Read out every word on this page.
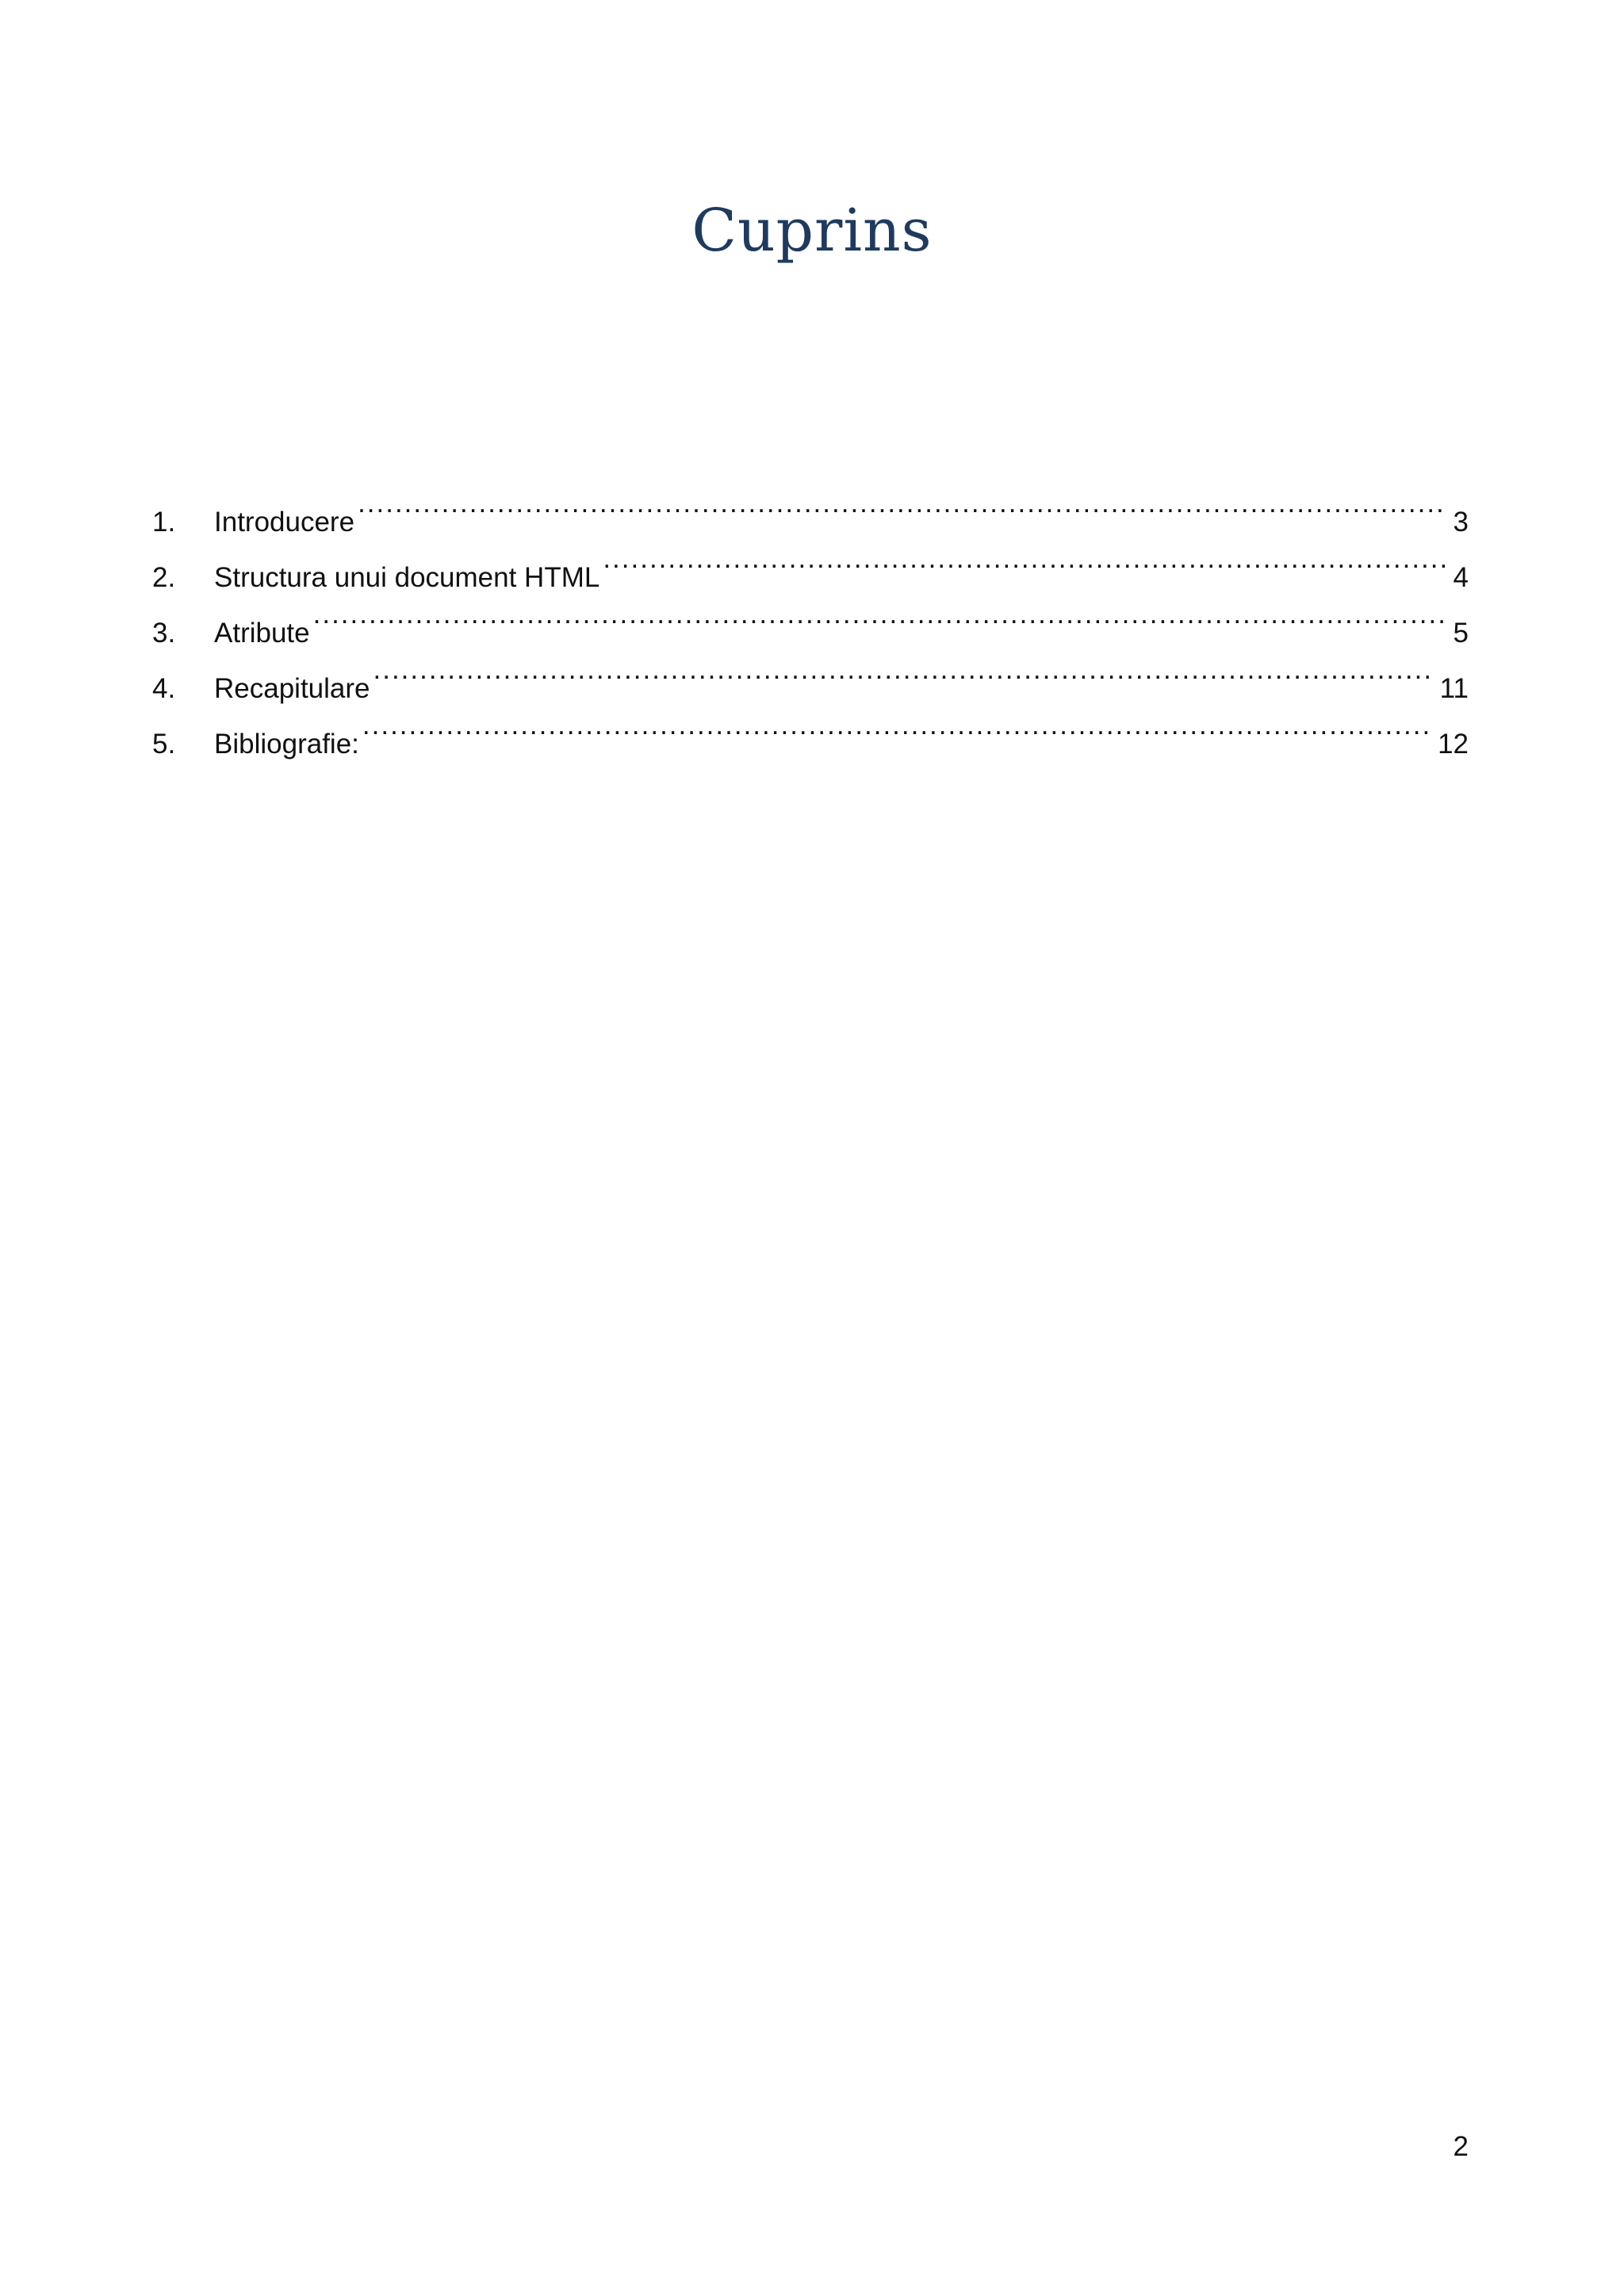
Cuprins
1.	Introducere .....	3
2.	Structura unui document HTML .....	4
3.	Atribute .....	5
4.	Recapitulare .....	11
5.	Bibliografie: .....	12
2
